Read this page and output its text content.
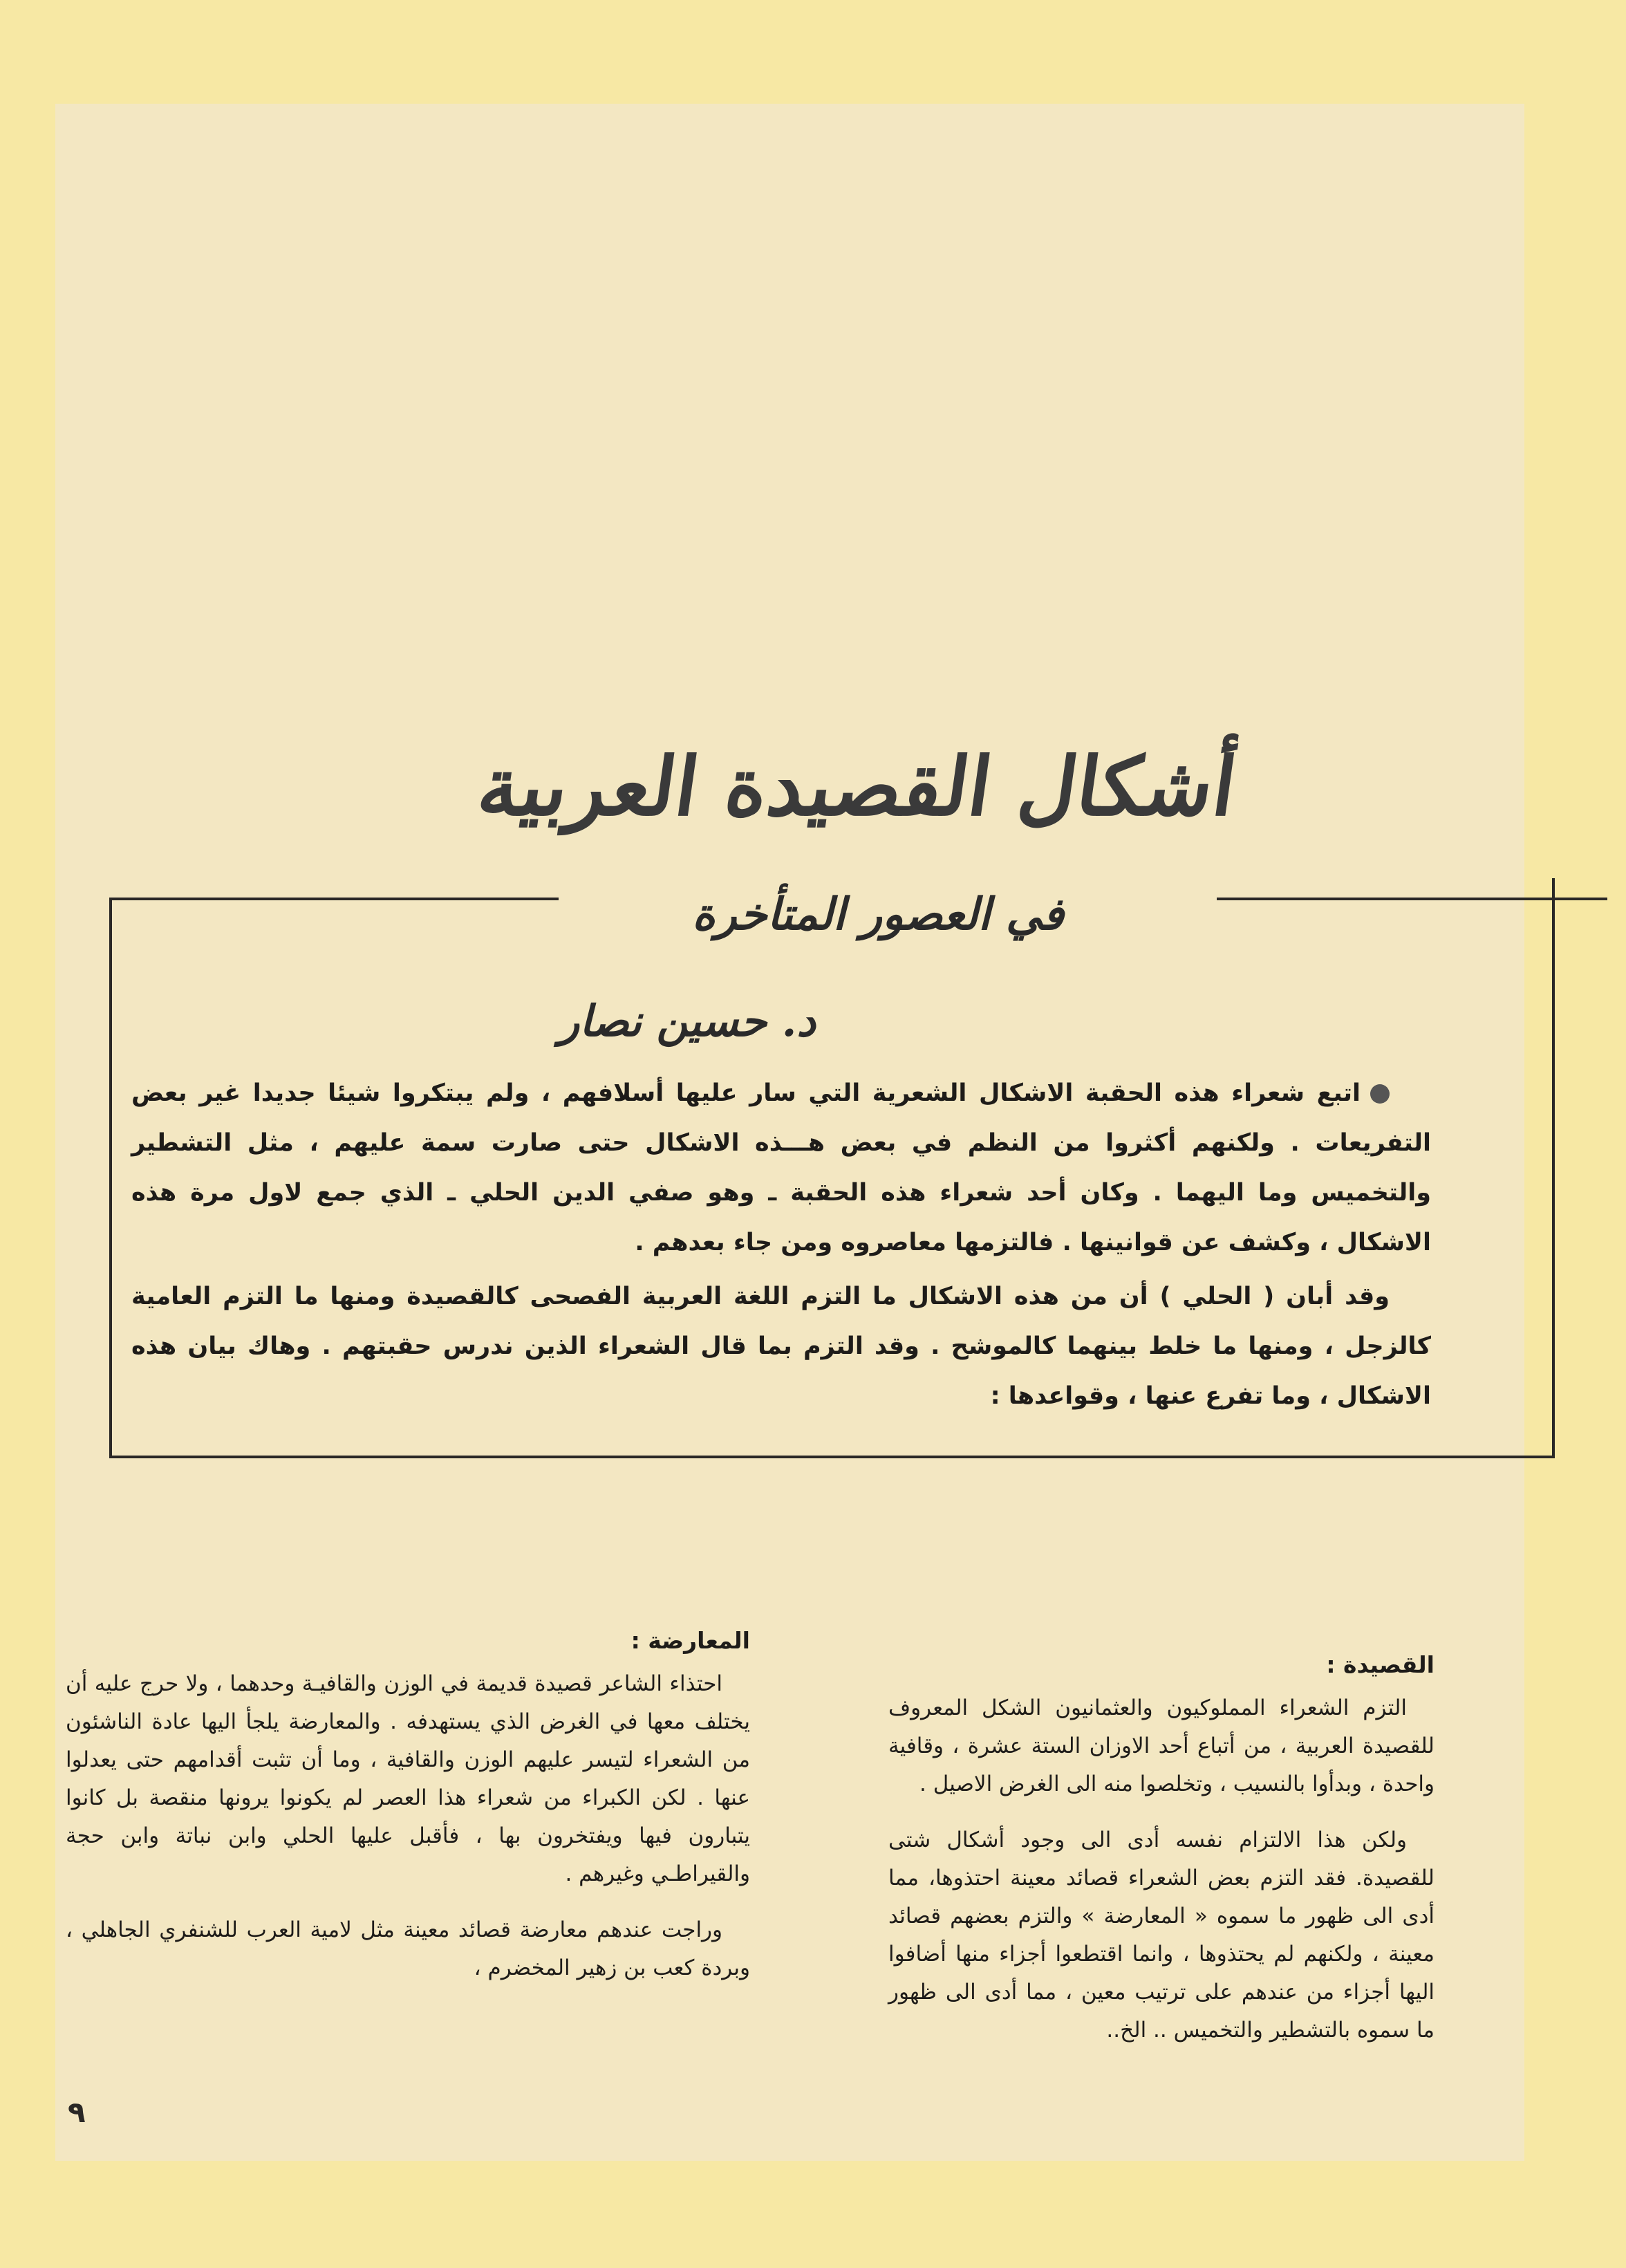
أشكال القصيدة العربية
في العصور المتأخرة
د. حسين نصار

اتبع شعراء هذه الحقبة الاشكال الشعرية التي سار عليها أسلافهم ، ولم يبتكروا شيئا جديدا غير بعض التفريعات . ولكنهم أكثروا من النظم في بعض هـــذه الاشكال حتى صارت سمة عليهم ، مثل التشطير والتخميس وما اليهما . وكان أحد شعراء هذه الحقبة ـ وهو صفي الدين الحلي ـ الذي جمع لاول مرة هذه الاشكال ، وكشف عن قوانينها . فالتزمها معاصروه ومن جاء بعدهم .

وقد أبان ( الحلي ) أن من هذه الاشكال ما التزم اللغة العربية الفصحى كالقصيدة ومنها ما التزم العامية كالزجل ، ومنها ما خلط بينهما كالموشح . وقد التزم بما قال الشعراء الذين ندرس حقبتهم . وهاك بيان هذه الاشكال ، وما تفرع عنها ، وقواعدها :

القصيدة :

التزم الشعراء المملوكيون والعثمانيون الشكل المعروف للقصيدة العربية ، من أتباع أحد الاوزان الستة عشرة ، وقافية واحدة ، وبدأوا بالنسيب ، وتخلصوا منه الى الغرض الاصيل .

ولكن هذا الالتزام نفسه أدى الى وجود أشكال شتى للقصيدة. فقد التزم بعض الشعراء قصائد معينة احتذوها، مما أدى الى ظهور ما سموه « المعارضة » والتزم بعضهم قصائد معينة ، ولكنهم لم يحتذوها ، وانما اقتطعوا أجزاء منها أضافوا اليها أجزاء من عندهم على ترتيب معين ، مما أدى الى ظهور ما سموه بالتشطير والتخميس .. الخ..

المعارضة :

احتذاء الشاعر قصيدة قديمة في الوزن والقافيـة وحدهما ، ولا حرج عليه أن يختلف معها في الغرض الذي يستهدفه . والمعارضة يلجأ اليها عادة الناشئون من الشعراء لتيسر عليهم الوزن والقافية ، وما أن تثبت أقدامهم حتى يعدلوا عنها . لكن الكبراء من شعراء هذا العصر لم يكونوا يرونها منقصة بل كانوا يتبارون فيها ويفتخرون بها ، فأقبل عليها الحلي وابن نباتة وابن حجة والقيراطـي وغيرهم .

وراجت عندهم معارضة قصائد معينة مثل لامية العرب للشنفري الجاهلي ، وبردة كعب بن زهير المخضرم ،

٩
